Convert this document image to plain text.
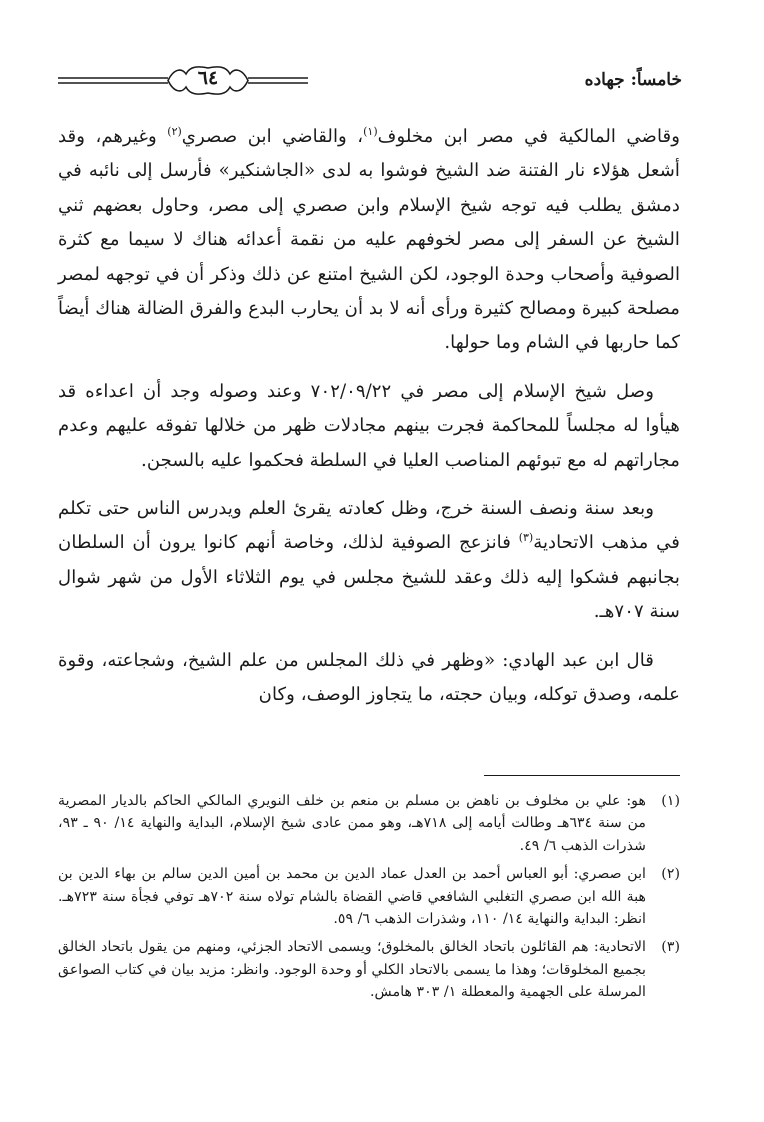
خامساً: جهاده
٦٤

وقاضي المالكية في مصر ابن مخلوف$^{(١)}$، والقاضي ابن صصري$^{(٢)}$ وغيرهم، وقد أشعل هؤلاء نار الفتنة ضد الشيخ فوشوا به لدى «الجاشنكير» فأرسل إلى نائبه في دمشق يطلب فيه توجه شيخ الإسلام وابن صصري إلى مصر، وحاول بعضهم ثني الشيخ عن السفر إلى مصر لخوفهم عليه من نقمة أعدائه هناك لا سيما مع كثرة الصوفية وأصحاب وحدة الوجود، لكن الشيخ امتنع عن ذلك وذكر أن في توجهه لمصر مصلحة كبيرة ومصالح كثيرة ورأى أنه لا بد أن يحارب البدع والفرق الضالة هناك أيضاً كما حاربها في الشام وما حولها.

وصل شيخ الإسلام إلى مصر في ٧٠٢/٠٩/٢٢ وعند وصوله وجد أن اعداءه قد هيأوا له مجلساً للمحاكمة فجرت بينهم مجادلات ظهر من خلالها تفوقه عليهم وعدم مجاراتهم له مع تبوئهم المناصب العليا في السلطة فحكموا عليه بالسجن.

وبعد سنة ونصف السنة خرج، وظل كعادته يقرئ العلم ويدرس الناس حتى تكلم في مذهب الاتحادية$^{(٣)}$ فانزعج الصوفية لذلك، وخاصة أنهم كانوا يرون أن السلطان بجانبهم فشكوا إليه ذلك وعقد للشيخ مجلس في يوم الثلاثاء الأول من شهر شوال سنة ٧٠٧هـ.

قال ابن عبد الهادي: «وظهر في ذلك المجلس من علم الشيخ، وشجاعته، وقوة علمه، وصدق توكله، وبيان حجته، ما يتجاوز الوصف، وكان

(١)
هو: علي بن مخلوف بن ناهض بن مسلم بن منعم بن خلف النويري المالكي الحاكم بالديار المصرية من سنة ٦٣٤هـ وطالت أيامه إلى ٧١٨هـ، وهو ممن عادى شيخ الإسلام، البداية والنهاية ١٤/ ٩٠ ـ ٩٣، شذرات الذهب ٦/ ٤٩.
(٢)
ابن صصري: أبو العباس أحمد بن العدل عماد الدين بن محمد بن أمين الدين سالم بن بهاء الدين بن هبة الله ابن صصري التغلبي الشافعي قاضي القضاة بالشام تولاه سنة ٧٠٢هـ توفي فجأة سنة ٧٢٣هـ. انظر: البداية والنهاية ١٤/ ١١٠، وشذرات الذهب ٦/ ٥٩.
(٣)
الاتحادية: هم القائلون باتحاد الخالق بالمخلوق؛ ويسمى الاتحاد الجزئي، ومنهم من يقول باتحاد الخالق بجميع المخلوقات؛ وهذا ما يسمى بالاتحاد الكلي أو وحدة الوجود. وانظر: مزيد بيان في كتاب الصواعق المرسلة على الجهمية والمعطلة ١/ ٣٠٣ هامش.
